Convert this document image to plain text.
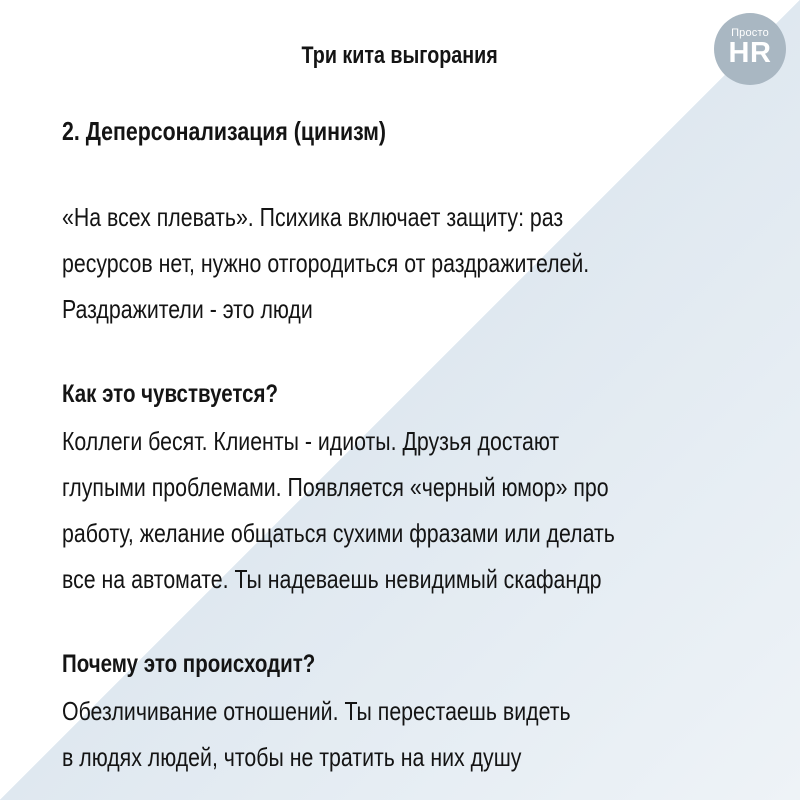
Просто
HR
Три кита выгорания
2. Деперсонализация (цинизм)
«На всех плевать». Психика включает защиту: раз
ресурсов нет, нужно отгородиться от раздражителей.
Раздражители - это люди
Как это чувствуется?
Коллеги бесят. Клиенты - идиоты. Друзья достают
глупыми проблемами. Появляется «черный юмор» про
работу, желание общаться сухими фразами или делать
все на автомате. Ты надеваешь невидимый скафандр
Почему это происходит?
Обезличивание отношений. Ты перестаешь видеть
в людях людей, чтобы не тратить на них душу
